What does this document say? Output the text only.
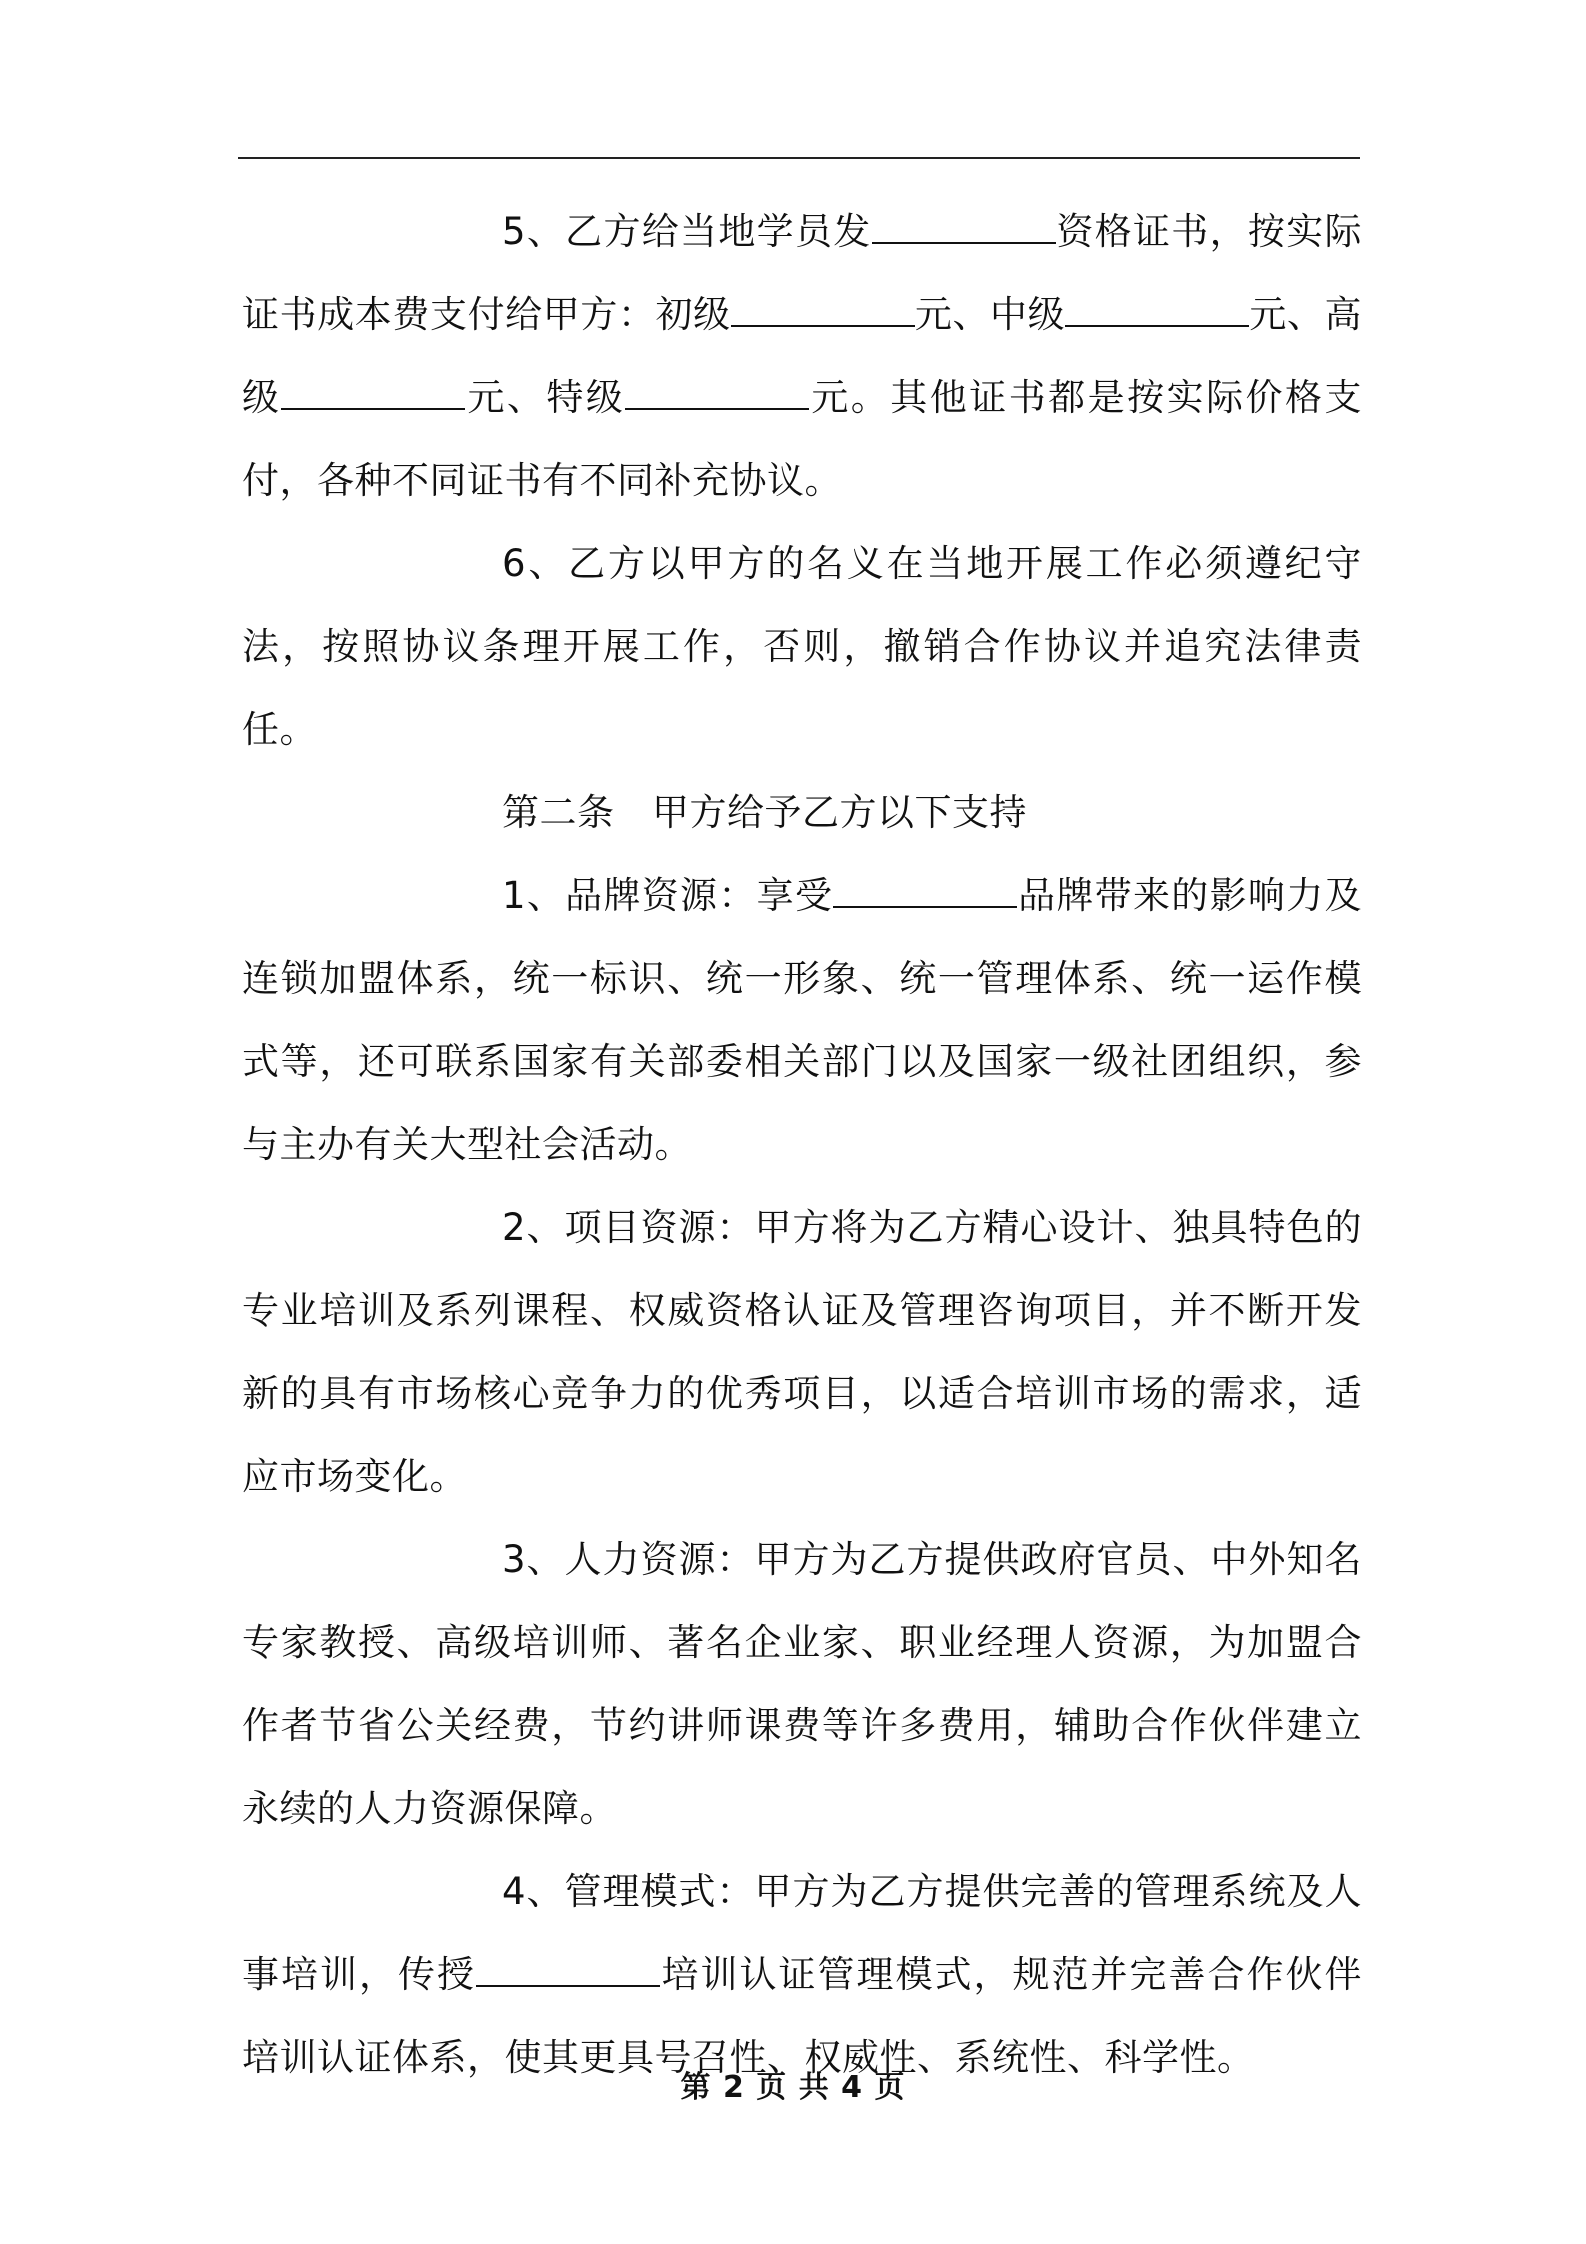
5、乙方给当地学员发	资格证书，按实际证书成本费支付给甲方：初级	元、中级	元、高级	元、特级	元。其他证书都是按实际价格支付，各种不同证书有不同补充协议。

6、乙方以甲方的名义在当地开展工作必须遵纪守法，按照协议条理开展工作，否则，撤销合作协议并追究法律责任。

第二条　甲方给予乙方以下支持

1、品牌资源：享受	品牌带来的影响力及连锁加盟体系，统一标识、统一形象、统一管理体系、统一运作模式等，还可联系国家有关部委相关部门以及国家一级社团组织，参与主办有关大型社会活动。

2、项目资源：甲方将为乙方精心设计、独具特色的专业培训及系列课程、权威资格认证及管理咨询项目，并不断开发新的具有市场核心竞争力的优秀项目，以适合培训市场的需求，适应市场变化。

3、人力资源：甲方为乙方提供政府官员、中外知名专家教授、高级培训师、著名企业家、职业经理人资源，为加盟合作者节省公关经费，节约讲师课费等许多费用，辅助合作伙伴建立永续的人力资源保障。

4、管理模式：甲方为乙方提供完善的管理系统及人事培训，传授	培训认证管理模式，规范并完善合作伙伴培训认证体系，使其更具号召性、权威性、系统性、科学性。

第 2 页 共 4 页
